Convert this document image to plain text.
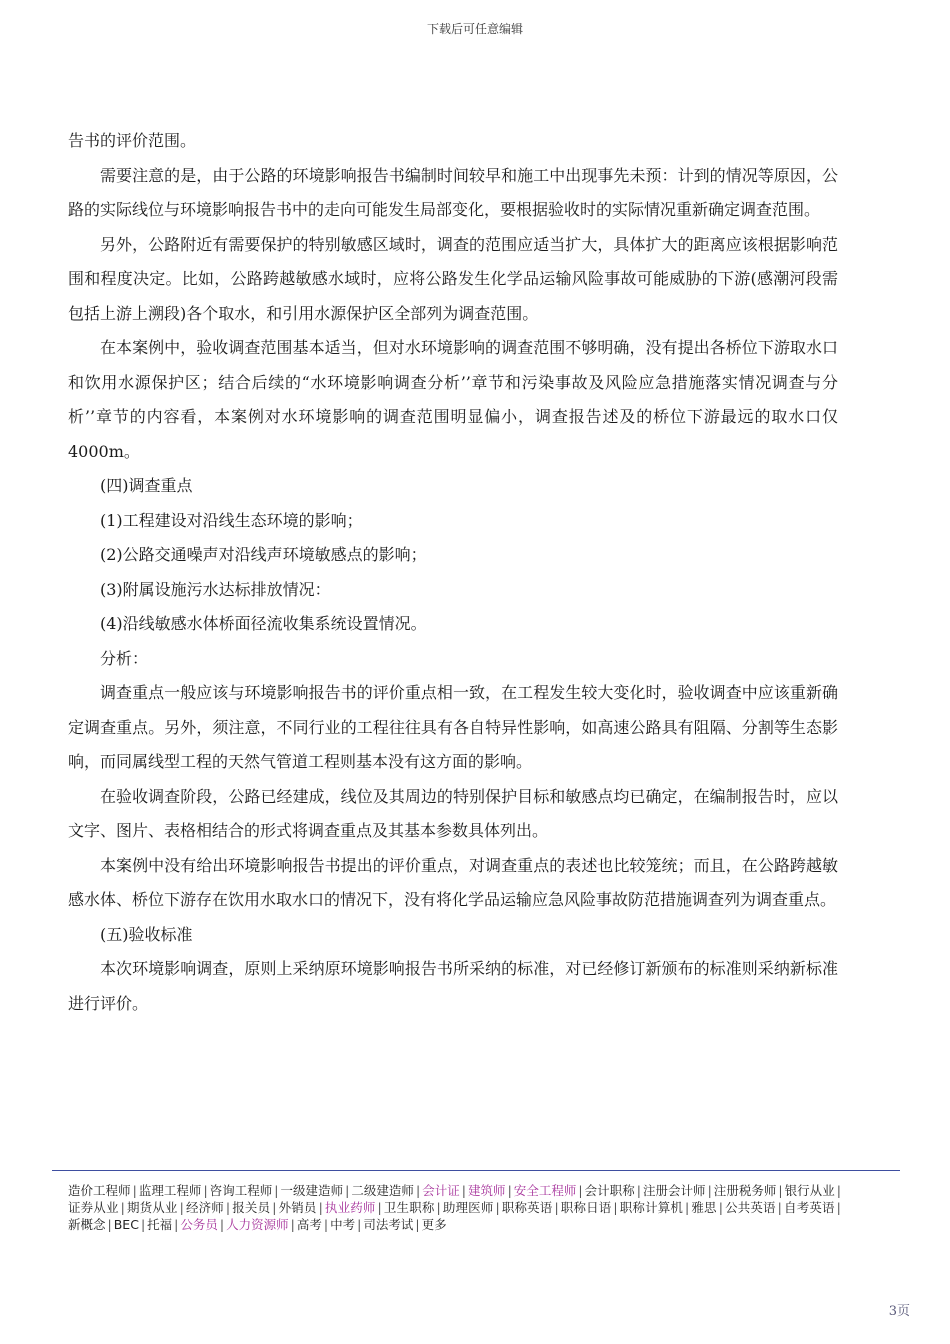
下载后可任意编辑

告书的评价范围。

需要注意的是，由于公路的环境影响报告书编制时间较早和施工中出现事先未预：计到的情况等原因，公路的实际线位与环境影响报告书中的走向可能发生局部变化，要根据验收时的实际情况重新确定调查范围。

另外，公路附近有需要保护的特别敏感区域时，调查的范围应适当扩大，具体扩大的距离应该根据影响范围和程度决定。比如，公路跨越敏感水域时，应将公路发生化学品运输风险事故可能威胁的下游(感潮河段需包括上游上溯段)各个取水，和引用水源保护区全部列为调查范围。

在本案例中，验收调查范围基本适当，但对水环境影响的调查范围不够明确，没有提出各桥位下游取水口和饮用水源保护区；结合后续的“水环境影响调查分析’’章节和污染事故及风险应急措施落实情况调查与分析’’章节的内容看，本案例对水环境影响的调查范围明显偏小，调查报告述及的桥位下游最远的取水口仅4000m。

(四)调查重点

(1)工程建设对沿线生态环境的影响；

(2)公路交通噪声对沿线声环境敏感点的影响；

(3)附属设施污水达标排放情况：

(4)沿线敏感水体桥面径流收集系统设置情况。

分析：

调查重点一般应该与环境影响报告书的评价重点相一致，在工程发生较大变化时，验收调查中应该重新确定调查重点。另外，须注意，不同行业的工程往往具有各自特异性影响，如高速公路具有阻隔、分割等生态影响，而同属线型工程的天然气管道工程则基本没有这方面的影响。

在验收调查阶段，公路已经建成，线位及其周边的特别保护目标和敏感点均已确定，在编制报告时，应以文字、图片、表格相结合的形式将调查重点及其基本参数具体列出。

本案例中没有给出环境影响报告书提出的评价重点，对调查重点的表述也比较笼统；而且，在公路跨越敏感水体、桥位下游存在饮用水取水口的情况下，没有将化学品运输应急风险事故防范措施调查列为调查重点。

(五)验收标准

本次环境影响调查，原则上采纳原环境影响报告书所采纳的标准，对已经修订新颁布的标准则采纳新标准进行评价。

造价工程师 | 监理工程师 | 咨询工程师 | 一级建造师 | 二级建造师 | 会计证 | 建筑师 | 安全工程师 | 会计职称 | 注册会计师 | 注册税务师 | 银行从业 |证券从业 | 期货从业 | 经济师 | 报关员 | 外销员 | 执业药师 | 卫生职称 | 助理医师 | 职称英语 | 职称日语 | 职称计算机 | 雅思 | 公共英语 | 自考英语 |新概念 | BEC | 托福 | 公务员 | 人力资源师 | 高考 | 中考 | 司法考试 | 更多
3页
